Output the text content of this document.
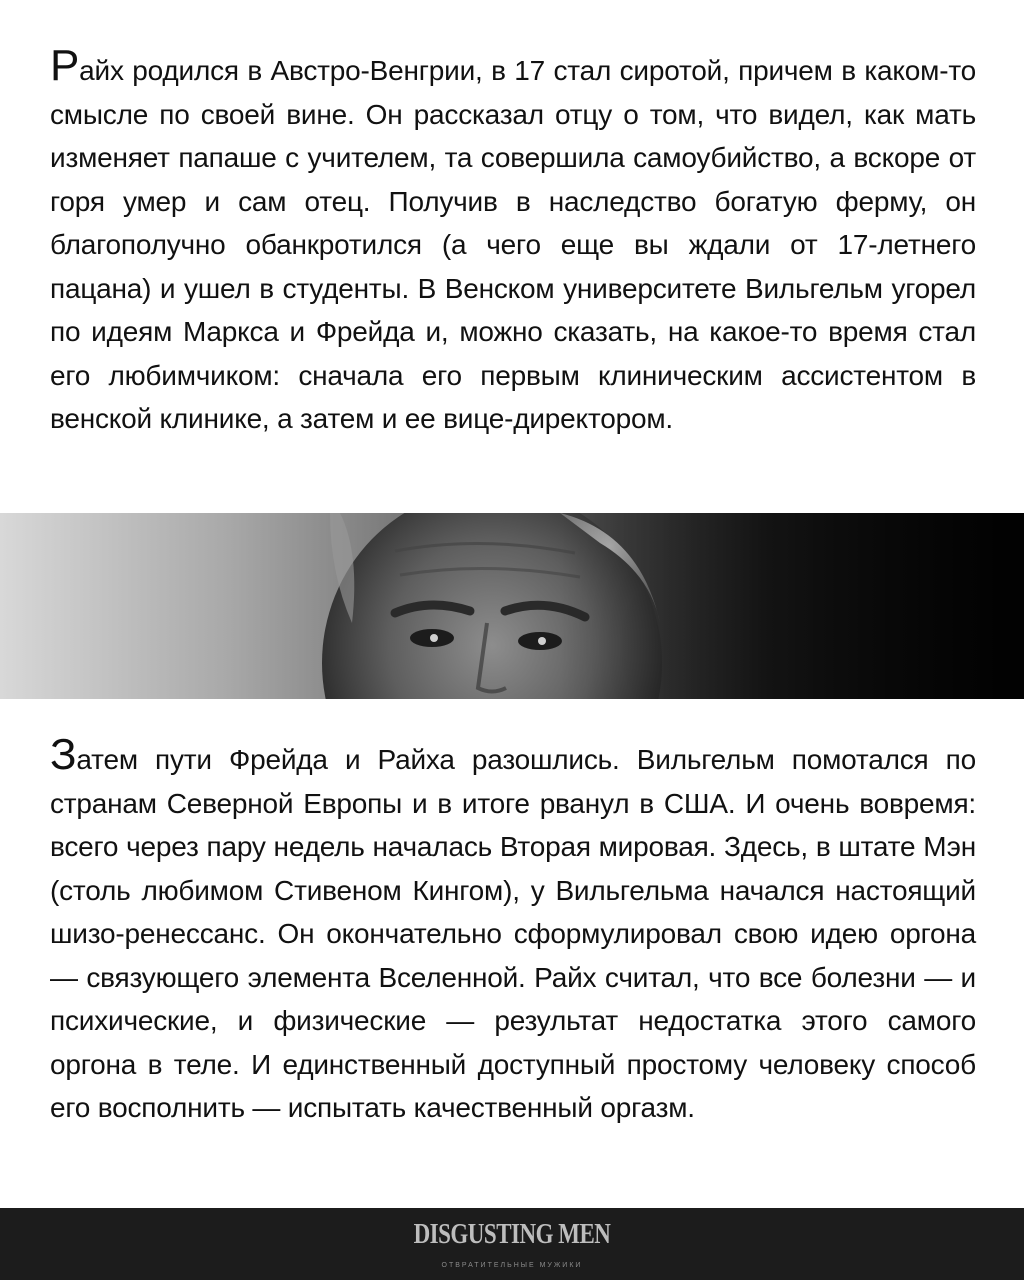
Райх родился в Австро-Венгрии, в 17 стал сиротой, причем в каком-то смысле по своей вине. Он рассказал отцу о том, что видел, как мать изменяет папаше с учителем, та совершила самоубийство, а вскоре от горя умер и сам отец. Получив в наследство богатую ферму, он благополучно обанкротился (а чего еще вы ждали от 17-летнего пацана) и ушел в студенты. В Венском университете Вильгельм угорел по идеям Маркса и Фрейда и, можно сказать, на какое-то время стал его любимчиком: сначала его первым клиническим ассистентом в венской клинике, а затем и ее вице-директором.

Затем пути Фрейда и Райха разошлись. Вильгельм помотался по странам Северной Европы и в итоге рванул в США. И очень вовремя: всего через пару недель началась Вторая мировая. Здесь, в штате Мэн (столь любимом Стивеном Кингом), у Вильгельма начался настоящий шизо-ренессанс. Он окончательно сформулировал свою идею оргона — связующего элемента Вселенной. Райх считал, что все болезни — и психические, и физические — результат недостатка этого самого оргона в теле. И единственный доступный простому человеку способ его восполнить — испытать качественный оргазм.

DISGUSTING MEN
ОТВРАТИТЕЛЬНЫЕ МУЖИКИ
